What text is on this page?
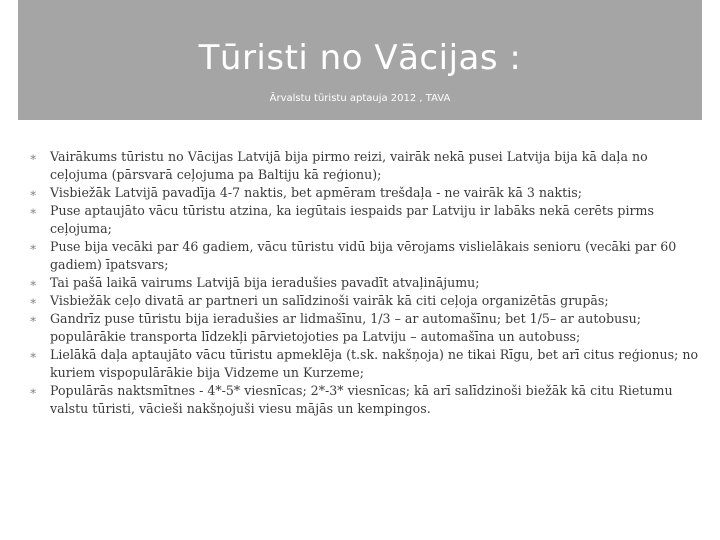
Tūristi no Vācijas :
Ārvalstu tūristu aptauja 2012 , TAVA
∗ Vairākums tūristu no Vācijas Latvijā bija pirmo reizi, vairāk nekā pusei Latvija bija kā daļa no ceļojuma (pārsvarā ceļojuma pa Baltiju kā reģionu);
∗ Visbiežāk Latvijā pavadīja 4-7 naktis, bet apmēram trešdaļa - ne vairāk kā 3 naktis;
∗ Puse aptaujāto vācu tūristu atzina, ka iegūtais iespaids par Latviju ir labāks nekā cerēts pirms ceļojuma;
∗ Puse bija vecāki par 46 gadiem, vācu tūristu vidū bija vērojams vislielākais senioru (vecāki par 60 gadiem) īpatsvars;
∗ Tai pašā laikā vairums Latvijā bija ieradušies pavadīt atvaļinājumu;
∗ Visbiežāk ceļo divatā ar partneri un salīdzinoši vairāk kā citi ceļoja organizētās grupās;
∗ Gandrīz puse tūristu bija ieradušies ar lidmašīnu, 1/3 – ar automašīnu; bet 1/5– ar autobusu; populārākie transporta līdzekļi pārvietojoties pa Latviju – automašīna un autobuss;
∗ Lielākā daļa aptaujāto vācu tūristu apmeklēja (t.sk. nakšņoja) ne tikai Rīgu, bet arī citus reģionus; no kuriem vispopulārākie bija Vidzeme un Kurzeme;
∗ Populārās naktsmītnes - 4*-5* viesnīcas; 2*-3* viesnīcas; kā arī salīdzinoši biežāk kā citu Rietumu valstu tūristi, vācieši nakšņojuši viesu mājās un kempingos.
